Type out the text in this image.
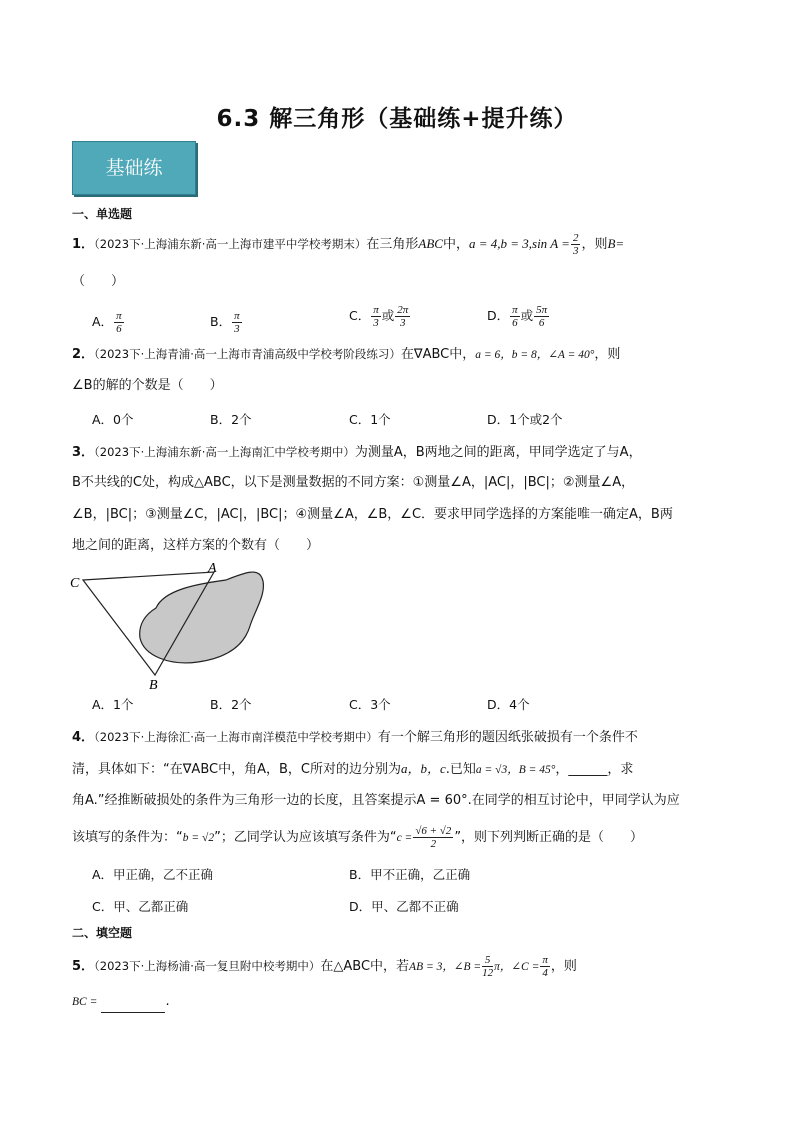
6.3 解三角形（基础练+提升练）
基础练
一、单选题
1．（2023下·上海浦东新·高一上海市建平中学校考期末）在三角形ABC中，a = 4,b = 3,sin $A = \frac{2}{3}$ ，则B=
（　　）
A． $\frac{\pi}{6}$	B． $\frac{\pi}{3}$	C． $\frac{\pi}{3}$ 或 $\frac{2\pi}{3}$	D． $\frac{\pi}{6}$ 或 $\frac{5\pi}{6}$
2．（2023下·上海青浦·高一上海市青浦高级中学校考阶段练习）在∇ABC中，a = 6，b = 8，∠A = 40°，则
∠B的解的个数是（　　）
A．0个	B．2个	C．1个	D．1个或2个
3．（2023下·上海浦东新·高一上海南汇中学校考期中）为测量A，B两地之间的距离，甲同学选定了与A，
B不共线的C处，构成△ABC，以下是测量数据的不同方案：①测量∠A，|AC|，|BC|；②测量∠A，
∠B，|BC|；③测量∠C，|AC|，|BC|；④测量∠A，∠B，∠C．要求甲同学选择的方案能唯一确定A，B两
地之间的距离，这样方案的个数有（　　）
A
B
C
A．1个	B．2个	C．3个	D．4个
4．（2023下·上海徐汇·高一上海市南洋模范中学校考期中）有一个解三角形的题因纸张破损有一个条件不
清，具体如下：“在∇ABC中，角A，B，C所对的边分别为a，b，c.已知a = √3，B = 45°，______，求
角A.”经推断破损处的条件为三角形一边的长度，且答案提示A = 60°.在同学的相互讨论中，甲同学认为应
该填写的条件为：“b = √2”；乙同学认为应该填写条件为“$c = \frac{√6 + √2}{2}$ ”，则下列判断正确的是（　　）
A．甲正确，乙不正确	B．甲不正确，乙正确
C．甲、乙都正确	D．甲、乙都不正确
二、填空题
5．（2023下·上海杨浦·高一复旦附中校考期中）在△ABC中，若AB = 3，∠B = $\frac{5}{12}$ π，∠C = $\frac{\pi}{4}$ ，则
BC =	.
